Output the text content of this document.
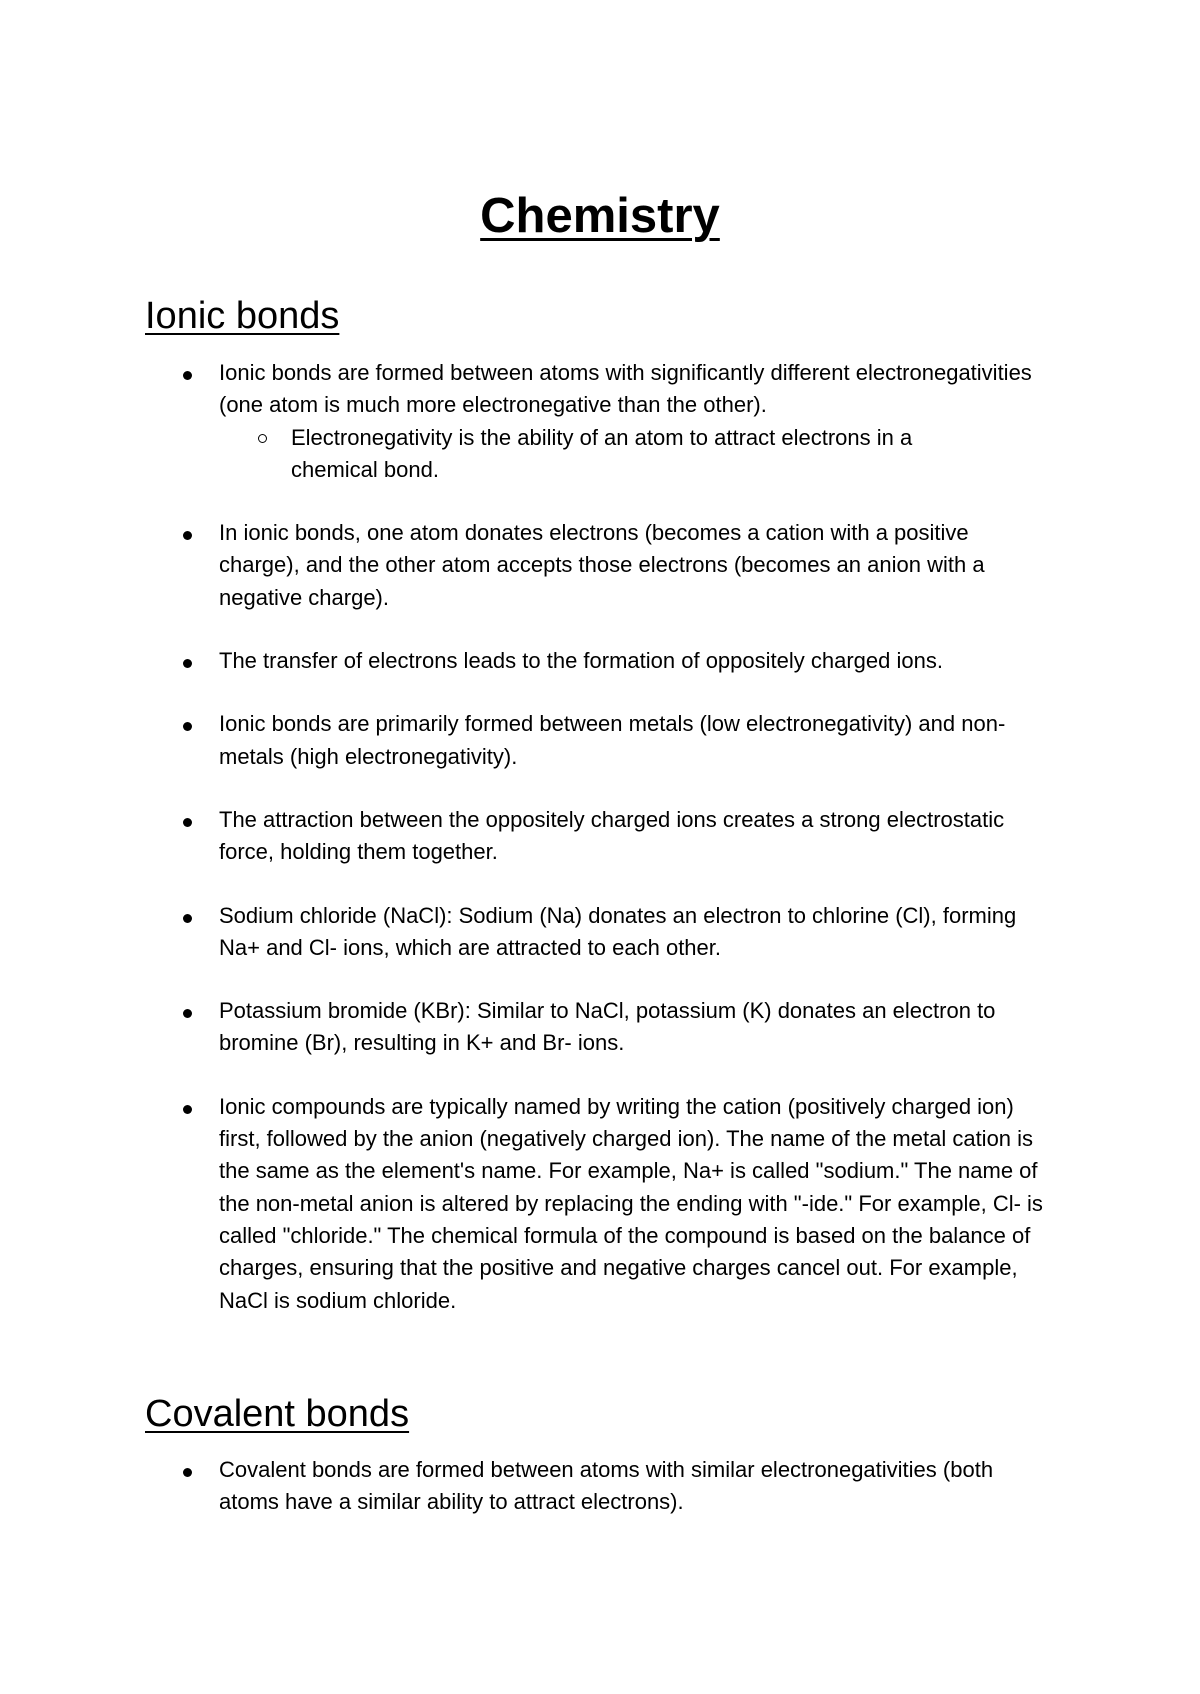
Chemistry
Ionic bonds
Ionic bonds are formed between atoms with significantly different electronegativities (one atom is much more electronegative than the other).
Electronegativity is the ability of an atom to attract electrons in a chemical bond.
In ionic bonds, one atom donates electrons (becomes a cation with a positive charge), and the other atom accepts those electrons (becomes an anion with a negative charge).
The transfer of electrons leads to the formation of oppositely charged ions.
Ionic bonds are primarily formed between metals (low electronegativity) and non-metals (high electronegativity).
The attraction between the oppositely charged ions creates a strong electrostatic force, holding them together.
Sodium chloride (NaCl): Sodium (Na) donates an electron to chlorine (Cl), forming Na+ and Cl- ions, which are attracted to each other.
Potassium bromide (KBr): Similar to NaCl, potassium (K) donates an electron to bromine (Br), resulting in K+ and Br- ions.
Ionic compounds are typically named by writing the cation (positively charged ion) first, followed by the anion (negatively charged ion). The name of the metal cation is the same as the element's name. For example, Na+ is called "sodium." The name of the non-metal anion is altered by replacing the ending with "-ide." For example, Cl- is called "chloride." The chemical formula of the compound is based on the balance of charges, ensuring that the positive and negative charges cancel out. For example, NaCl is sodium chloride.
Covalent bonds
Covalent bonds are formed between atoms with similar electronegativities (both atoms have a similar ability to attract electrons).
